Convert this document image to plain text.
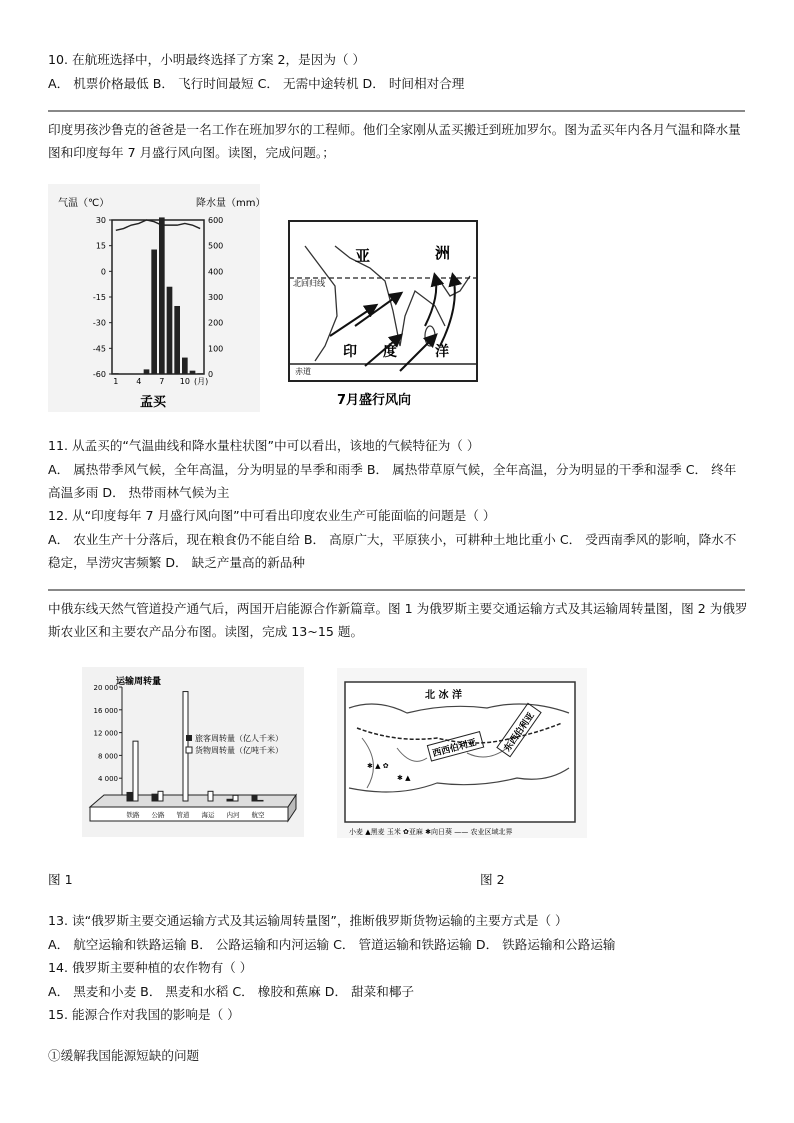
10. 在航班选择中，小明最终选择了方案 2，是因为（ ）
A． 机票价格最低 B． 飞行时间最短 C． 无需中途转机 D． 时间相对合理
印度男孩沙鲁克的爸爸是一名工作在班加罗尔的工程师。他们全家刚从孟买搬迁到班加罗尔。图为孟买年内各月气温和降水量图和印度每年 7 月盛行风向图。读图，完成问题。；
气温（℃）	降水量（mm）
30
15
0
-15
-30
-45
-60
600
500
400
300
200
100
0
1 4 7 10 (月)
孟买
北回归线
赤道
亚	洲
印 度	洋
7月盛行风向
11. 从孟买的“气温曲线和降水量柱状图”中可以看出，该地的气候特征为（ ）
A． 属热带季风气候，全年高温，分为明显的旱季和雨季 B． 属热带草原气候，全年高温，分为明显的干季和湿季 C． 终年高温多雨 D． 热带雨林气候为主
12. 从“印度每年 7 月盛行风向图”中可看出印度农业生产可能面临的问题是（ ）
A． 农业生产十分落后，现在粮食仍不能自给 B． 高原广大，平原狭小，可耕种土地比重小 C． 受西南季风的影响，降水不稳定，旱涝灾害频繁 D． 缺乏产量高的新品种
中俄东线天然气管道投产通气后，两国开启能源合作新篇章。图 1 为俄罗斯主要交通运输方式及其运输周转量图，图 2 为俄罗斯农业区和主要农产品分布图。读图，完成 13~15 题。
运输周转量
20 000
16 000
12 000
8 000
4 000
铁路 公路 管道 海运 内河 航空
旅客周转量（亿人千米）
货物周转量（亿吨千米）
北 冰 洋
西西伯利亚	东西伯利亚
✱ ▲ ✿
✱ ▲
小麦 ▲黑麦 玉米 ✿亚麻 ✱向日葵 —— 农业区域北界
图 1	图 2
13. 读“俄罗斯主要交通运输方式及其运输周转量图”，推断俄罗斯货物运输的主要方式是（ ）
A． 航空运输和铁路运输 B． 公路运输和内河运输 C． 管道运输和铁路运输 D． 铁路运输和公路运输
14. 俄罗斯主要种植的农作物有（ ）
A． 黑麦和小麦 B． 黑麦和水稻 C． 橡胶和蕉麻 D． 甜菜和椰子
15. 能源合作对我国的影响是（ ）
①缓解我国能源短缺的问题
